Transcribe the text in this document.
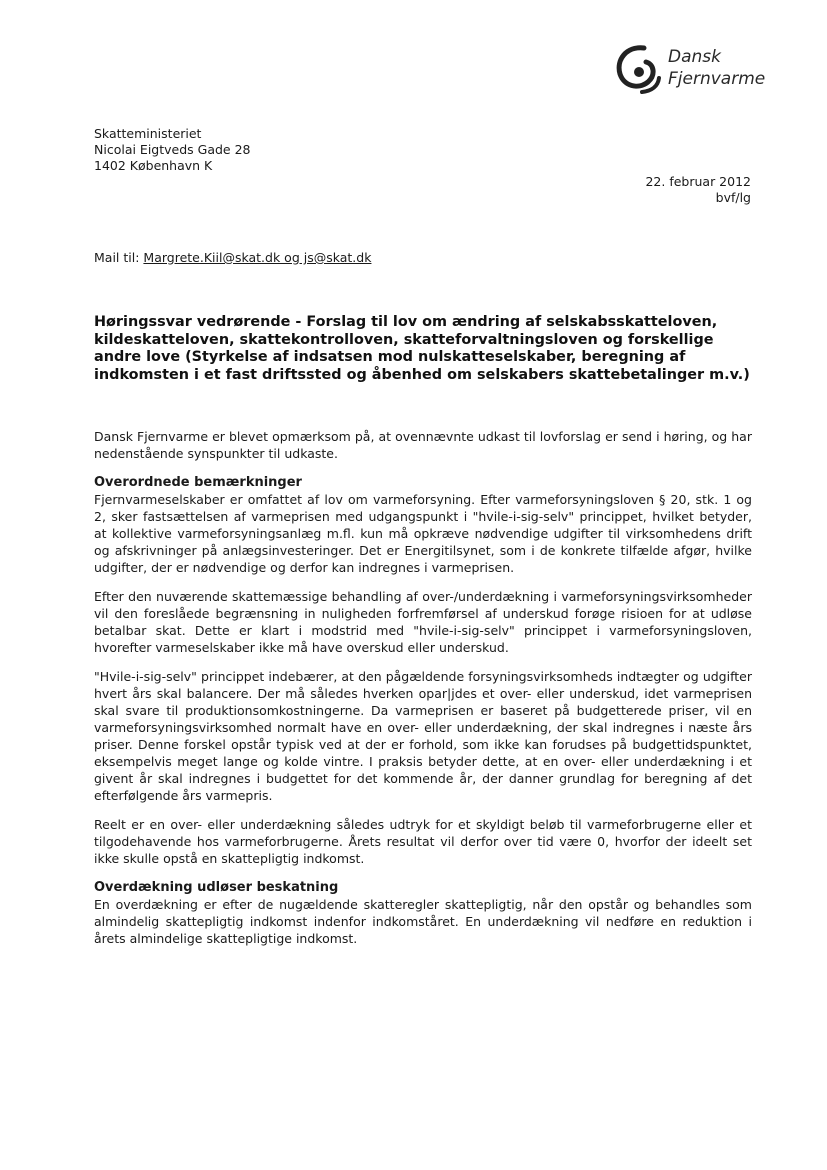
Dansk
Fjernvarme
Skatteministeriet
Nicolai Eigtveds Gade 28
1402 København K
22. februar 2012
bvf/lg
Mail til: Margrete.Kiil@skat.dk og js@skat.dk
Høringssvar vedrørende - Forslag til lov om ændring af selskabsskatteloven, kildeskatteloven, skattekontrolloven, skatteforvaltningsloven og forskellige andre love (Styrkelse af indsatsen mod nulskatteselskaber, beregning af indkomsten i et fast driftssted og åbenhed om selskabers skattebetalinger m.v.)

Dansk Fjernvarme er blevet opmærksom på, at ovennævnte udkast til lovforslag er send i høring, og har nedenstående synspunkter til udkaste.

Overordnede bemærkninger

Fjernvarmeselskaber er omfattet af lov om varmeforsyning. Efter varmeforsyningsloven § 20, stk. 1 og 2, sker fastsættelsen af varmeprisen med udgangspunkt i "hvile-i-sig-selv" princippet, hvilket betyder, at kollektive varmeforsyningsanlæg m.fl. kun må opkræve nødvendige udgifter til virksomhedens drift og afskrivninger på anlægsinvesteringer. Det er Energitilsynet, som i de konkrete tilfælde afgør, hvilke udgifter, der er nødvendige og derfor kan indregnes i varmeprisen.

Efter den nuværende skattemæssige behandling af over-/underdækning i varmeforsyningsvirksomheder vil den foreslåede begrænsning in nuligheden forfremførsel af underskud forøge risioen for at udløse betalbar skat. Dette er klart i modstrid med "hvile-i-sig-selv" princippet i varmeforsyningsloven, hvorefter varmeselskaber ikke må have overskud eller underskud.

"Hvile-i-sig-selv" princippet indebærer, at den pågældende forsyningsvirksomheds indtægter og udgifter hvert års skal balancere. Der må således hverken opar|jdes et over- eller underskud, idet varmeprisen skal svare til produktionsomkostningerne. Da varmeprisen er baseret på budgetterede priser, vil en varmeforsyningsvirksomhed normalt have en over- eller underdækning, der skal indregnes i næste års priser. Denne forskel opstår typisk ved at der er forhold, som ikke kan forudses på budgettidspunktet, eksempelvis meget lange og kolde vintre. I praksis betyder dette, at en over- eller underdækning i et givent år skal indregnes i budgettet for det kommende år, der danner grundlag for beregning af det efterfølgende års varmepris.

Reelt er en over- eller underdækning således udtryk for et skyldigt beløb til varmeforbrugerne eller et tilgodehavende hos varmeforbrugerne. Årets resultat vil derfor over tid være 0, hvorfor der ideelt set ikke skulle opstå en skattepligtig indkomst.

Overdækning udløser beskatning

En overdækning er efter de nugældende skatteregler skattepligtig, når den opstår og behandles som almindelig skattepligtig indkomst indenfor indkomståret. En underdækning vil nedføre en reduktion i årets almindelige skattepligtige indkomst.
